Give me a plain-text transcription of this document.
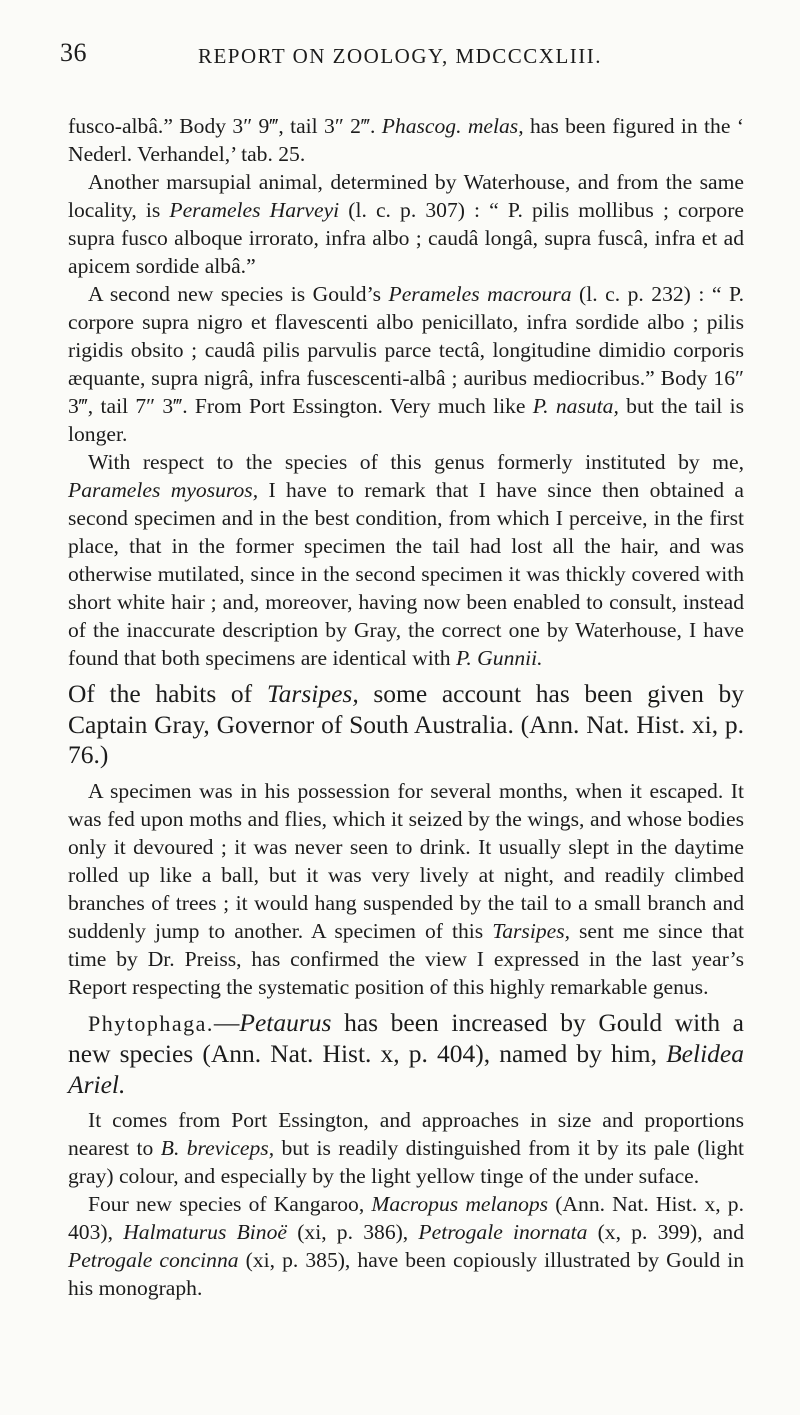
36	REPORT ON ZOOLOGY, MDCCCXLIII.

fusco-albâ.” Body 3″ 9‴, tail 3″ 2‴. Phascog. melas, has been figured in the ‘ Nederl. Verhandel,’ tab. 25.

Another marsupial animal, determined by Waterhouse, and from the same locality, is Perameles Harveyi (l. c. p. 307) : “ P. pilis mollibus ; corpore supra fusco alboque irrorato, infra albo ; caudâ longâ, supra fuscâ, infra et ad apicem sordide albâ.”

A second new species is Gould’s Perameles macroura (l. c. p. 232) : “ P. corpore supra nigro et flavescenti albo penicillato, infra sordide albo ; pilis rigidis obsito ; caudâ pilis parvulis parce tectâ, longitudine dimidio corporis æquante, supra nigrâ, infra fuscescenti-albâ ; auribus mediocribus.” Body 16″ 3‴, tail 7″ 3‴. From Port Essington. Very much like P. nasuta, but the tail is longer.

With respect to the species of this genus formerly instituted by me, Parameles myosuros, I have to remark that I have since then obtained a second specimen and in the best condition, from which I perceive, in the first place, that in the former specimen the tail had lost all the hair, and was otherwise mutilated, since in the second specimen it was thickly covered with short white hair ; and, moreover, having now been enabled to consult, instead of the inaccurate description by Gray, the correct one by Waterhouse, I have found that both specimens are identical with P. Gunnii.

Of the habits of Tarsipes, some account has been given by Captain Gray, Governor of South Australia. (Ann. Nat. Hist. xi, p. 76.)

A specimen was in his possession for several months, when it escaped. It was fed upon moths and flies, which it seized by the wings, and whose bodies only it devoured ; it was never seen to drink. It usually slept in the daytime rolled up like a ball, but it was very lively at night, and readily climbed branches of trees ; it would hang suspended by the tail to a small branch and suddenly jump to another. A specimen of this Tarsipes, sent me since that time by Dr. Preiss, has confirmed the view I expressed in the last year’s Report respecting the systematic position of this highly remarkable genus.

Phytophaga.—Petaurus has been increased by Gould with a new species (Ann. Nat. Hist. x, p. 404), named by him, Belidea Ariel.

It comes from Port Essington, and approaches in size and proportions nearest to B. breviceps, but is readily distinguished from it by its pale (light gray) colour, and especially by the light yellow tinge of the under suface.

Four new species of Kangaroo, Macropus melanops (Ann. Nat. Hist. x, p. 403), Halmaturus Binoë (xi, p. 386), Petrogale inornata (x, p. 399), and Petrogale concinna (xi, p. 385), have been copiously illustrated by Gould in his monograph.
